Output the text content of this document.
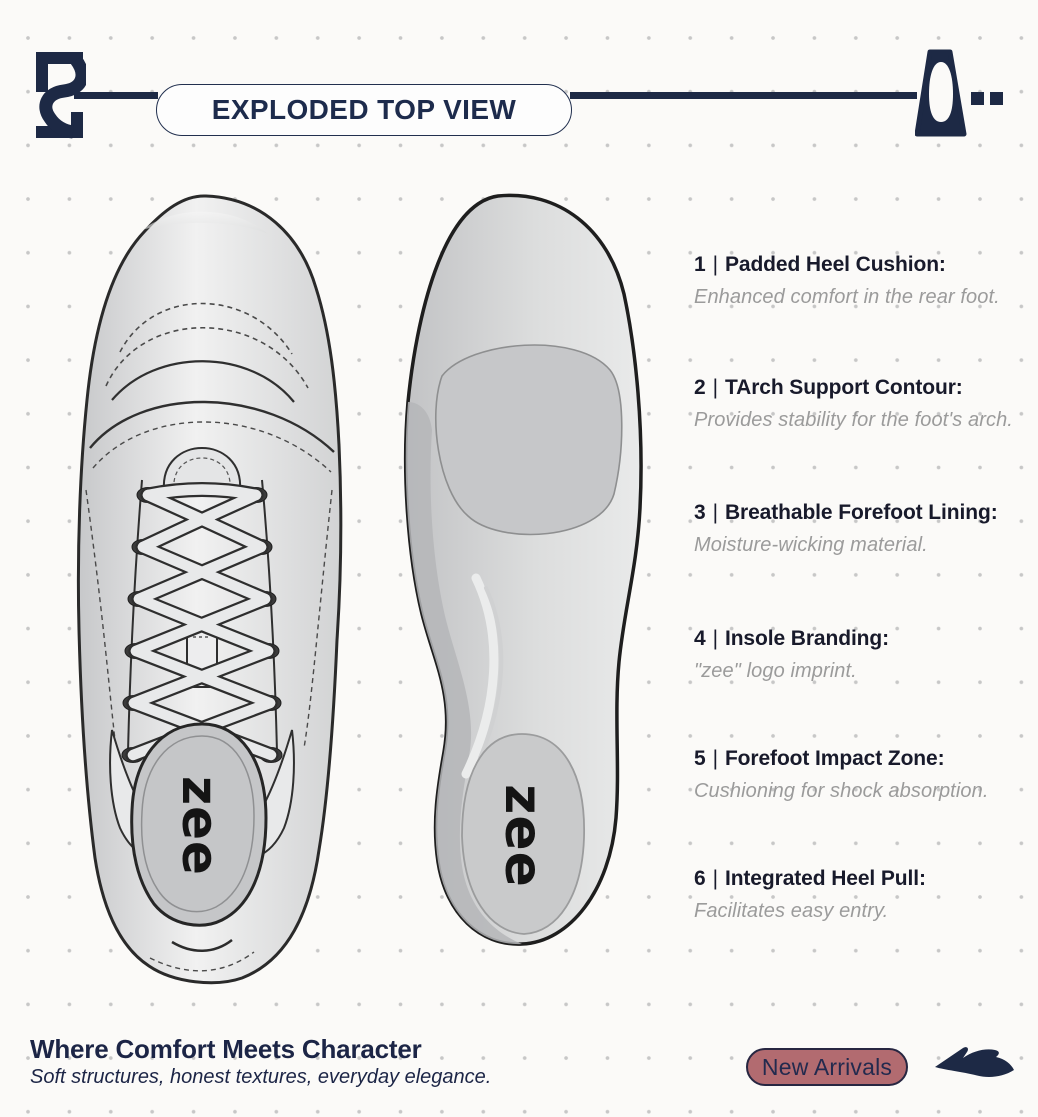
EXPLODED TOP VIEW
zee	zee
1 | Padded Heel Cushion:
Enhanced comfort in the rear foot.
2 | TArch Support Contour:
Provides stability for the foot's arch.
3 | Breathable Forefoot Lining:
Moisture-wicking material.
4 | Insole Branding:
"zee" logo imprint.
5 | Forefoot Impact Zone:
Cushioning for shock absorption.
6 | Integrated Heel Pull:
Facilitates easy entry.
Where Comfort Meets Character
Soft structures, honest textures, everyday elegance.	New Arrivals
